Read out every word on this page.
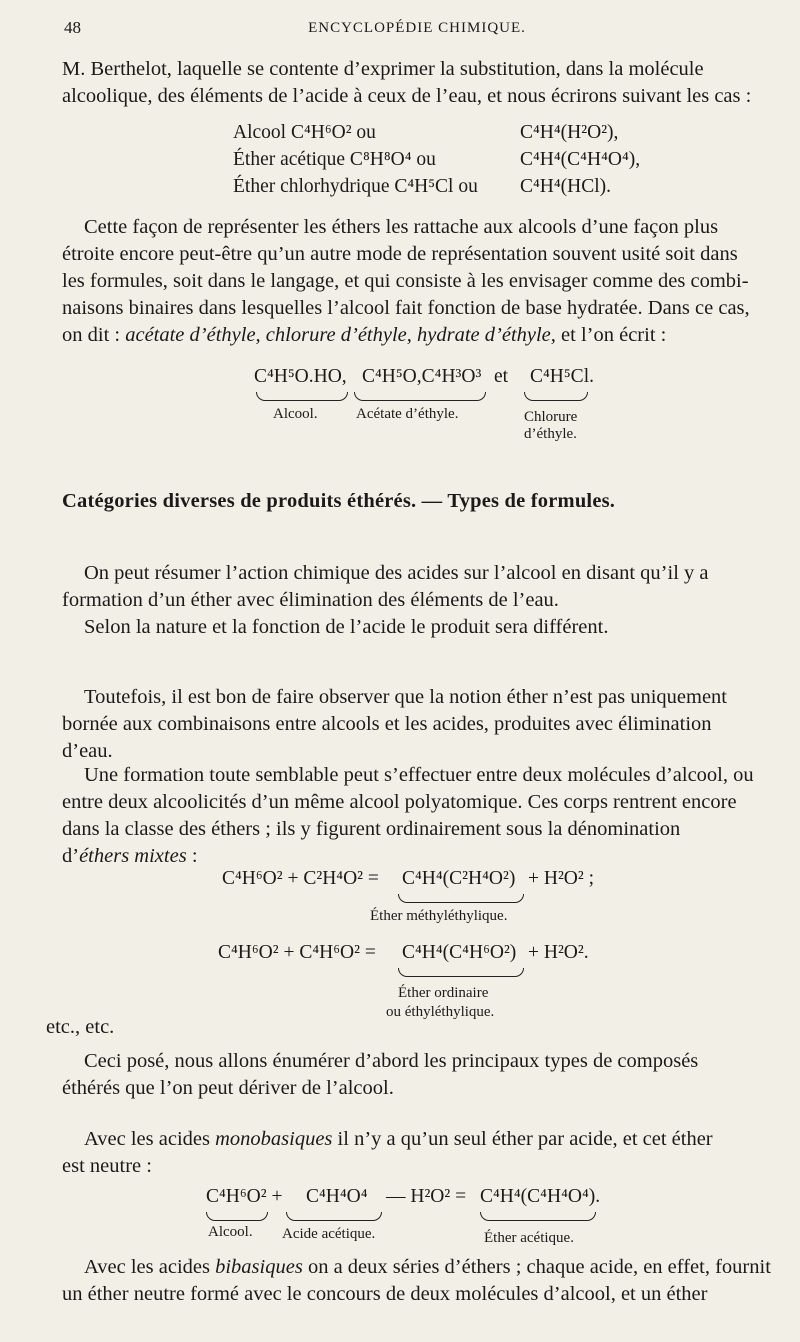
48	ENCYCLOPÉDIE CHIMIQUE.
M. Berthelot, laquelle se contente d’exprimer la substitution, dans la molécule
alcoolique, des éléments de l’acide à ceux de l’eau, et nous écrirons suivant les cas :
Alcool C⁴H⁶O² ou	C⁴H⁴(H²O²),
Éther acétique C⁸H⁸O⁴ ou	C⁴H⁴(C⁴H⁴O⁴),
Éther chlorhydrique C⁴H⁵Cl ou C⁴H⁴(HCl).
Cette façon de représenter les éthers les rattache aux alcools d’une façon plus
étroite encore peut-être qu’un autre mode de représentation souvent usité soit dans
les formules, soit dans le langage, et qui consiste à les envisager comme des combi-
naisons binaires dans lesquelles l’alcool fait fonction de base hydratée. Dans ce cas,
on dit : acétate d’éthyle, chlorure d’éthyle, hydrate d’éthyle, et l’on écrit :
C⁴H⁵O.HO, C⁴H⁵O,C⁴H³O³ et C⁴H⁵Cl.
Alcool.	Acétate d’éthyle.	Chlorure
d’éthyle.
Catégories diverses de produits éthérés. — Types de formules.
On peut résumer l’action chimique des acides sur l’alcool en disant qu’il y a
formation d’un éther avec élimination des éléments de l’eau.
Selon la nature et la fonction de l’acide le produit sera différent.
Toutefois, il est bon de faire observer que la notion éther n’est pas uniquement
bornée aux combinaisons entre alcools et les acides, produites avec élimination
d’eau.
Une formation toute semblable peut s’effectuer entre deux molécules d’alcool, ou
entre deux alcoolicités d’un même alcool polyatomique. Ces corps rentrent encore
dans la classe des éthers ; ils y figurent ordinairement sous la dénomination
d’éthers mixtes :
C⁴H⁶O² + C²H⁴O² = C⁴H⁴(C²H⁴O²) + H²O² ;
Éther méthyléthylique.
C⁴H⁶O² + C⁴H⁶O² = C⁴H⁴(C⁴H⁶O²) + H²O².
Éther ordinaire
ou éthyléthylique.
etc., etc.
Ceci posé, nous allons énumérer d’abord les principaux types de composés
éthérés que l’on peut dériver de l’alcool.
Avec les acides monobasiques il n’y a qu’un seul éther par acide, et cet éther
est neutre :
C⁴H⁶O² + C⁴H⁴O⁴ — H²O² = C⁴H⁴(C⁴H⁴O⁴).
Alcool. Acide acétique.	Éther acétique.
Avec les acides bibasiques on a deux séries d’éthers ; chaque acide, en effet, fournit
un éther neutre formé avec le concours de deux molécules d’alcool, et un éther
